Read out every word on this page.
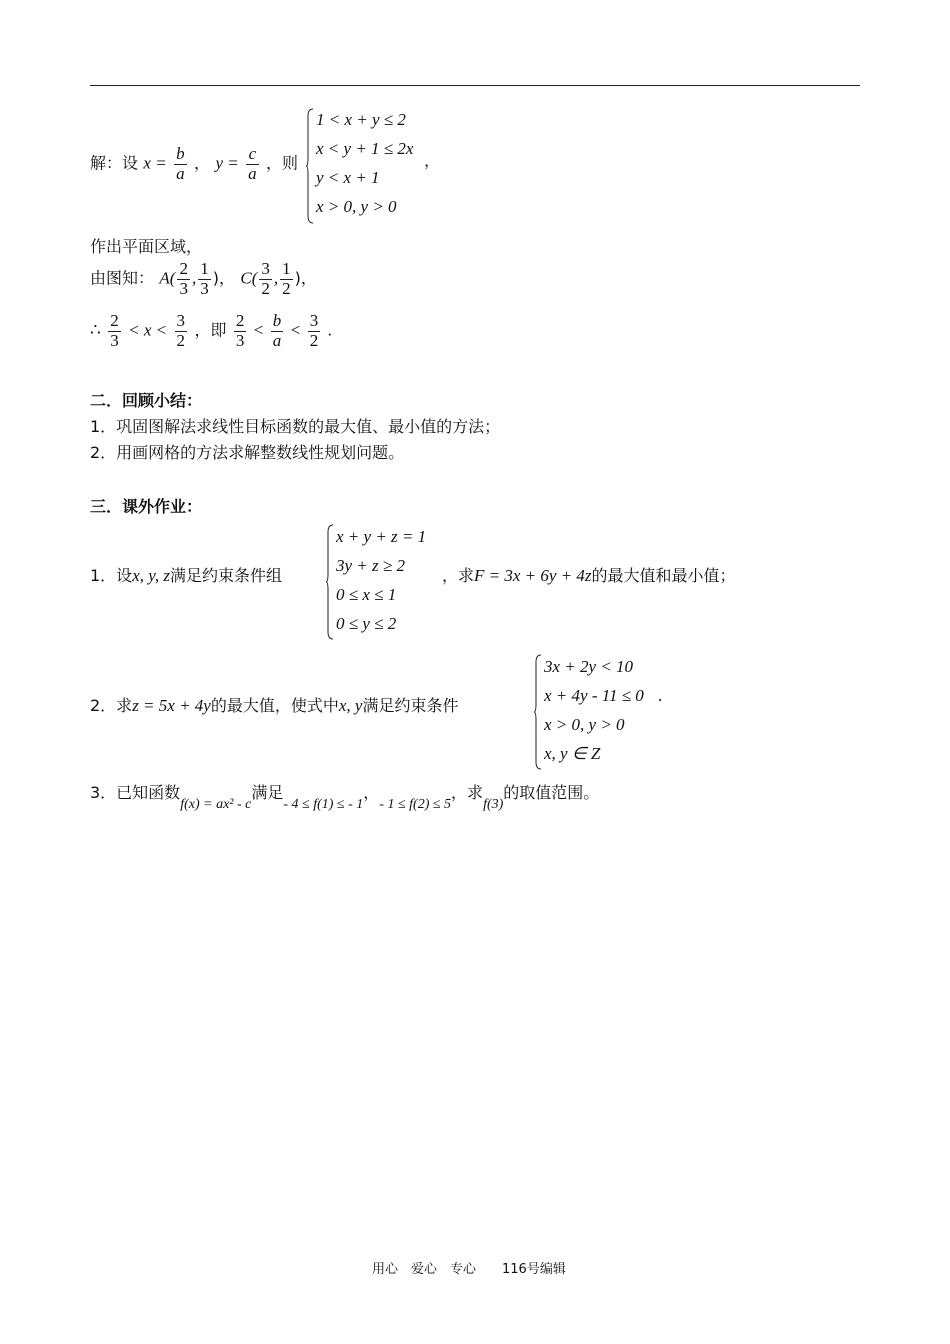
解：设 $x = \frac{b}{a}$ ， $y = \frac{c}{a}$ ，则
1 < x + y ≤ 2
x < y + 1 ≤ 2x
y < x + 1
x > 0, y > 0
，
作出平面区域，
由图知： $A( \frac{2}{3}$ , $\frac{1}{3}$ )， $C( \frac{3}{2}$ , $\frac{1}{2}$ )，
∴ $\frac{2}{3} < x < \frac{3}{2}$ ，即 $\frac{2}{3} < \frac{b}{a} < \frac{3}{2}$ .
二．回顾小结：
1．巩固图解法求线性目标函数的最大值、最小值的方法；
2．用画网格的方法求解整数线性规划问题。
三．课外作业：
1．设x, y, z满足约束条件组
x + y + z = 1
3y + z ≥ 2
0 ≤ x ≤ 1
0 ≤ y ≤ 2
，求F = 3x + 6y + 4z的最大值和最小值；
2．求z = 5x + 4y的最大值，使式中x, y满足约束条件
3x + 2y < 10
x + 4y - 11 ≤ 0
x > 0, y > 0
x, y ∈ Z
.
3．已知函数$_{f(x) = ax^2 - c}$满足$_{- 4 \le f(1) \le - 1}$，$_{- 1 \le f(2) \le 5}$，求$_{f(3)}$的取值范围。
用心　爱心　专心　　116号编辑
